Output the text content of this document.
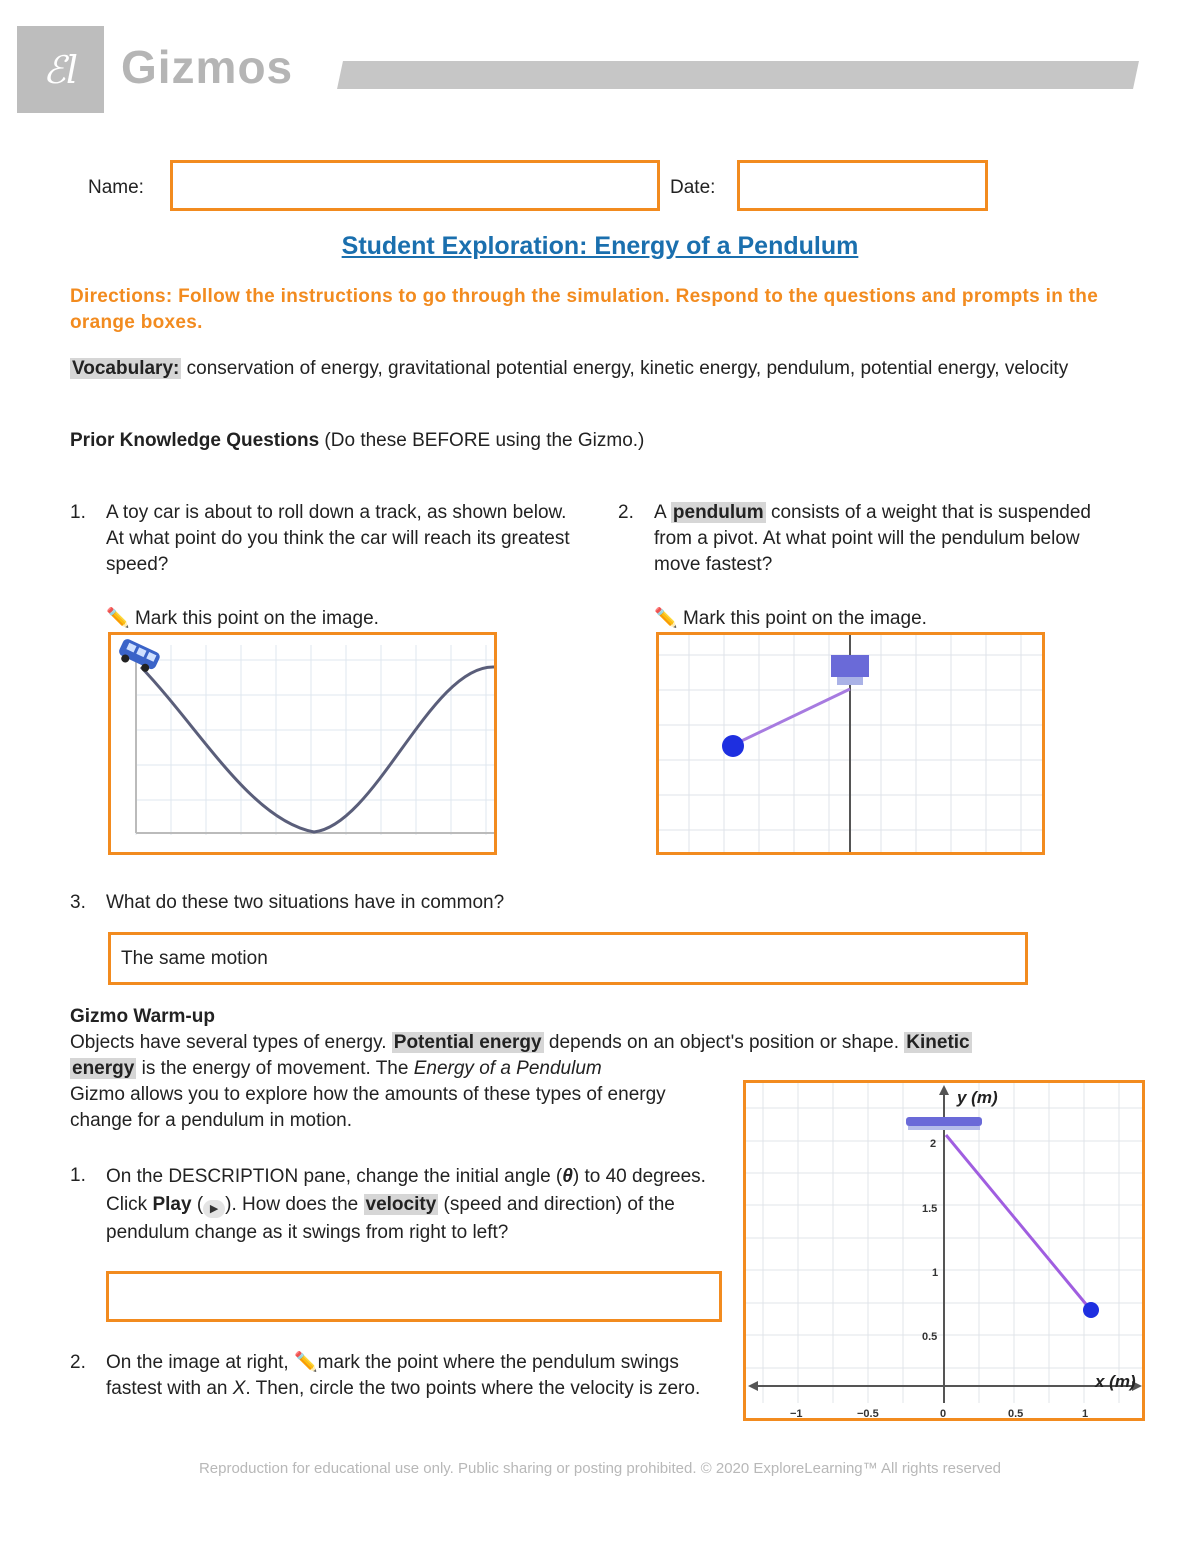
ℰl Gizmos
Name:	Date:
Student Exploration: Energy of a Pendulum
Directions: Follow the instructions to go through the simulation. Respond to the questions and prompts in the orange boxes.
Vocabulary: conservation of energy, gravitational potential energy, kinetic energy, pendulum, potential energy, velocity
Prior Knowledge Questions (Do these BEFORE using the Gizmo.)
1. A toy car is about to roll down a track, as shown below. At what point do you think the car will reach its greatest speed?
✏️ Mark this point on the image.
2. A pendulum consists of a weight that is suspended from a pivot. At what point will the pendulum below move fastest?
✏️ Mark this point on the image.
3. What do these two situations have in common?
The same motion
Gizmo Warm-up
Objects have several types of energy. Potential energy depends on an object's position or shape. Kinetic
energy is the energy of movement. The Energy of a Pendulum
Gizmo allows you to explore how the amounts of these types of energy change for a pendulum in motion.
1. On the DESCRIPTION pane, change the initial angle (θ) to 40 degrees. Click Play ( ▶ ). How does the velocity (speed and direction) of the pendulum change as it swings from right to left?
2. On the image at right, ✏️mark the point where the pendulum swings fastest with an X. Then, circle the two points where the velocity is zero.
y (m)
x (m)
2
1.5
1
0.5
−1	−0.5	0	0.5	1
Reproduction for educational use only. Public sharing or posting prohibited. © 2020 ExploreLearning™ All rights reserved
